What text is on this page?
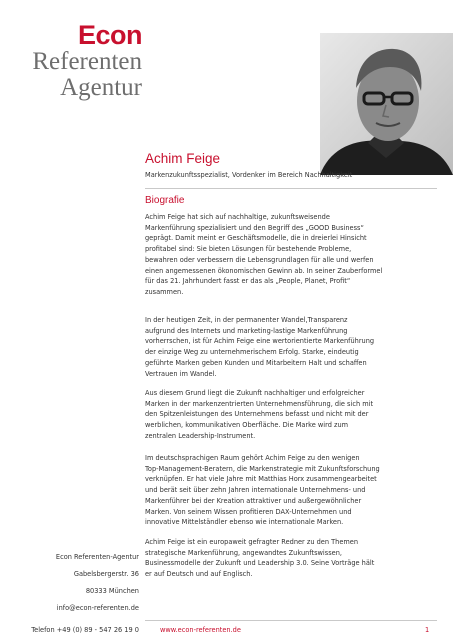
Econ
Referenten
Agentur
Achim Feige
Markenzukunftsspezialist, Vordenker im Bereich Nachhaltigkeit
Biografie

Achim Feige hat sich auf nachhaltige, zukunftsweisende

Markenführung spezialisiert und den Begriff des „GOOD Business“

geprägt. Damit meint er Geschäftsmodelle, die in dreierlei Hinsicht

profitabel sind: Sie bieten Lösungen für bestehende Probleme,

bewahren oder verbessern die Lebensgrundlagen für alle und werfen

einen angemessenen ökonomischen Gewinn ab. In seiner Zauberformel

für das 21. Jahrhundert fasst er das als „People, Planet, Profit“

zusammen.

In der heutigen Zeit, in der permanenter Wandel,Transparenz

aufgrund des Internets und marketing-lastige Markenführung

vorherrschen, ist für Achim Feige eine wertorientierte Markenführung

der einzige Weg zu unternehmerischem Erfolg. Starke, eindeutig

geführte Marken geben Kunden und Mitarbeitern Halt und schaffen

Vertrauen im Wandel.

Aus diesem Grund liegt die Zukunft nachhaltiger und erfolgreicher

Marken in der markenzentrierten Unternehmensführung, die sich mit

den Spitzenleistungen des Unternehmens befasst und nicht mit der

werblichen, kommunikativen Oberfläche. Die Marke wird zum

zentralen Leadership-Instrument.

Im deutschsprachigen Raum gehört Achim Feige zu den wenigen

Top-Management-Beratern, die Markenstrategie mit Zukunftsforschung

verknüpfen. Er hat viele Jahre mit Matthias Horx zusammengearbeitet

und berät seit über zehn Jahren internationale Unternehmens- und

Markenführer bei der Kreation attraktiver und außergewöhnlicher

Marken. Von seinem Wissen profitieren DAX-Unternehmen und

innovative Mittelständler ebenso wie internationale Marken.

Achim Feige ist ein europaweit gefragter Redner zu den Themen

strategische Markenführung, angewandtes Zukunftswissen,

Businessmodelle der Zukunft und Leadership 3.0. Seine Vorträge hält

er auf Deutsch und auf Englisch.

Econ Referenten-Agentur
Gabelsbergerstr. 36
80333 München
info@econ-referenten.de
Telefon +49 (0) 89 - 547 26 19 0	www.econ-referenten.de	1
